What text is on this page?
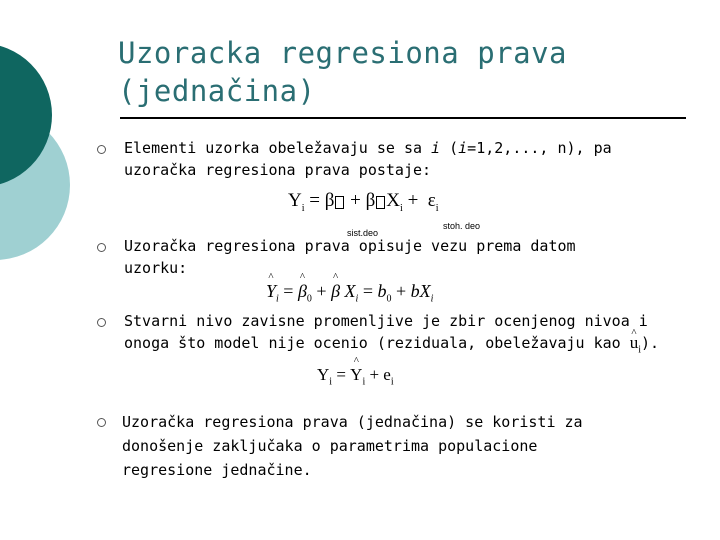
Uzoracka regresiona prava
(jednačina)
Elementi uzorka obeležavaju se sa i (i=1,2,..., n), pa
uzoračka regresiona prava postaje:
$Y_i = \beta + \beta$ $X_i + \varepsilon_i$
sist.deo
stoh. deo
Uzoračka regresiona prava opisuje vezu prema datom
uzorku:
^ $Y_i$ = ^ $\beta_0$ + ^ β $X_i = b_0 + bX_i$
Stvarni nivo zavisne promenljive je zbir ocenjenog nivoa i
onoga što model nije ocenio (reziduala, obeležavaju kao ^ $u_i$).
$Y_i$ = ^ $Y_i + e_i$
Uzoračka regresiona prava (jednačina) se koristi za
donošenje zaključaka o parametrima populacione
regresione jednačine.
